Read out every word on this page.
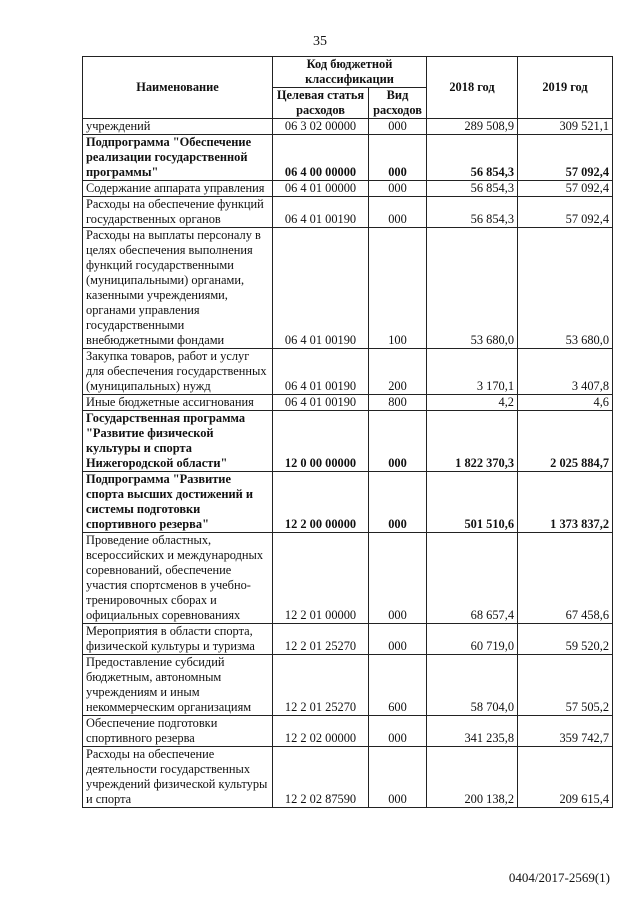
35
Наименование	Код бюджетной классификации		2018 год	2019 год
	Целевая статья расходов	Вид расходов		
учреждений	06 3 02 00000	000	289 508,9	309 521,1
Подпрограмма "Обеспечение реализации государственной программы"	06 4 00 00000	000	56 854,3	57 092,4
Содержание аппарата управления	06 4 01 00000	000	56 854,3	57 092,4
Расходы на обеспечение функций государственных органов	06 4 01 00190	000	56 854,3	57 092,4
Расходы на выплаты персоналу в целях обеспечения выполнения функций государственными (муниципальными) органами, казенными учреждениями, органами управления государственными внебюджетными фондами	06 4 01 00190	100	53 680,0	53 680,0
Закупка товаров, работ и услуг для обеспечения государственных (муниципальных) нужд	06 4 01 00190	200	3 170,1	3 407,8
Иные бюджетные ассигнования	06 4 01 00190	800	4,2	4,6
Государственная программа "Развитие физической культуры и спорта Нижегородской области"	12 0 00 00000	000	1 822 370,3	2 025 884,7
Подпрограмма "Развитие спорта высших достижений и системы подготовки спортивного резерва"	12 2 00 00000	000	501 510,6	1 373 837,2
Проведение областных, всероссийских и международных соревнований, обеспечение участия спортсменов в учебно-тренировочных сборах и официальных соревнованиях	12 2 01 00000	000	68 657,4	67 458,6
Мероприятия в области спорта, физической культуры и туризма	12 2 01 25270	000	60 719,0	59 520,2
Предоставление субсидий бюджетным, автономным учреждениям и иным некоммерческим организациям	12 2 01 25270	600	58 704,0	57 505,2
Обеспечение подготовки спортивного резерва	12 2 02 00000	000	341 235,8	359 742,7
Расходы на обеспечение деятельности государственных учреждений физической культуры и спорта	12 2 02 87590	000	200 138,2	209 615,4
0404/2017-2569(1)
